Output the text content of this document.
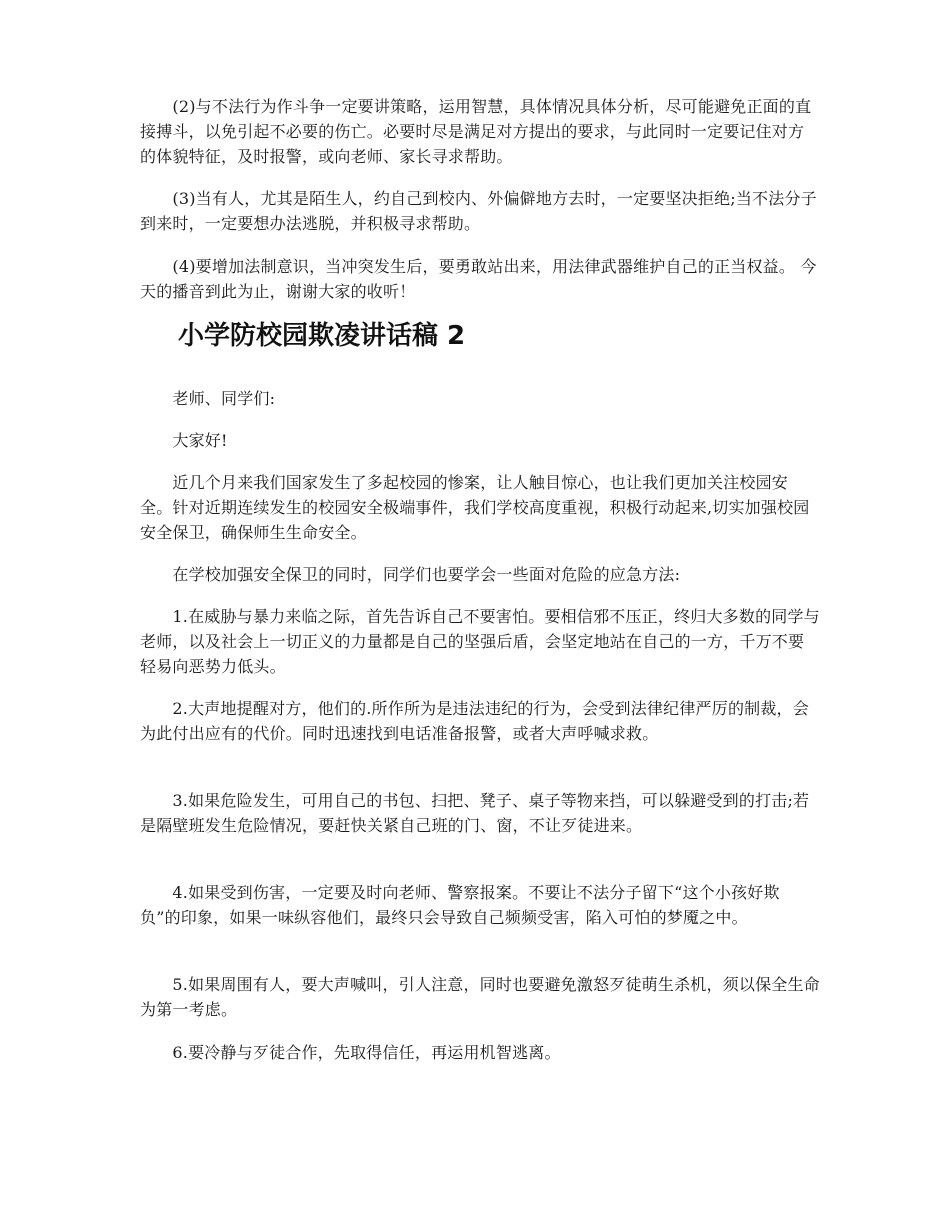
　　(2)与不法行为作斗争一定要讲策略，运用智慧，具体情况具体分析，尽可能避免正面的直接搏斗，以免引起不必要的伤亡。必要时尽是满足对方提出的要求，与此同时一定要记住对方的体貌特征，及时报警，或向老师、家长寻求帮助。

　　(3)当有人，尤其是陌生人，约自己到校内、外偏僻地方去时，一定要坚决拒绝;当不法分子到来时，一定要想办法逃脱，并积极寻求帮助。

　　(4)要增加法制意识，当冲突发生后，要勇敢站出来，用法律武器维护自己的正当权益。 今天的播音到此为止，谢谢大家的收听！

小学防校园欺凌讲话稿 2

　　老师、同学们:

　　大家好!

　　近几个月来我们国家发生了多起校园的惨案，让人触目惊心，也让我们更加关注校园安全。针对近期连续发生的校园安全极端事件，我们学校高度重视，积极行动起来,切实加强校园安全保卫，确保师生生命安全。

　　在学校加强安全保卫的同时，同学们也要学会一些面对危险的应急方法:

　　1.在威胁与暴力来临之际，首先告诉自己不要害怕。要相信邪不压正，终归大多数的同学与老师，以及社会上一切正义的力量都是自己的坚强后盾，会坚定地站在自己的一方，千万不要轻易向恶势力低头。

　　2.大声地提醒对方，他们的.所作所为是违法违纪的行为，会受到法律纪律严厉的制裁，会为此付出应有的代价。同时迅速找到电话准备报警，或者大声呼喊求救。

　　3.如果危险发生，可用自己的书包、扫把、凳子、桌子等物来挡，可以躲避受到的打击;若是隔壁班发生危险情况，要赶快关紧自己班的门、窗，不让歹徒进来。

　　4.如果受到伤害，一定要及时向老师、警察报案。不要让不法分子留下“这个小孩好欺负”的印象，如果一味纵容他们，最终只会导致自己频频受害，陷入可怕的梦魇之中。

　　5.如果周围有人，要大声喊叫，引人注意，同时也要避免激怒歹徒萌生杀机，须以保全生命为第一考虑。

　　6.要冷静与歹徒合作，先取得信任，再运用机智逃离。
